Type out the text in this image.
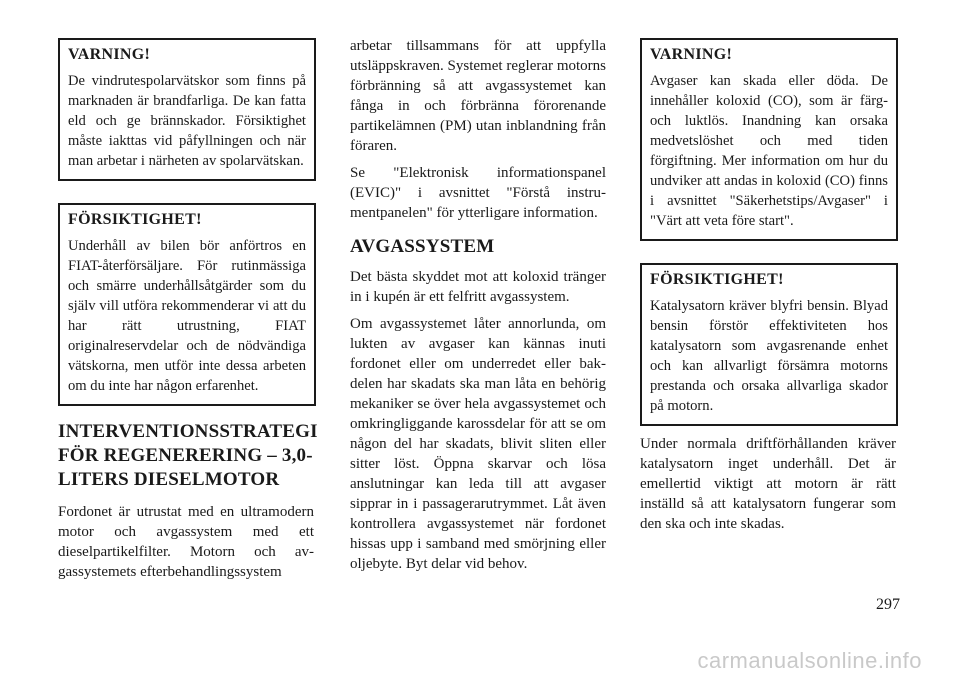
VARNING!

De vindrutespolarvätskor som finns på marknaden är brandfarliga. De kan fatta eld och ge brännskador. Försiktighet måste iakttas vid påfyllningen och när man arbetar i närheten av spolarvätskan.

FÖRSIKTIGHET!

Underhåll av bilen bör anförtros en FIAT-återförsäljare. För rutinmässiga och smärre underhållsåtgärder som du själv vill utföra rekommenderar vi att du har rätt utrustning, FIAT originalreservdelar och de nödvändiga vätskorna, men utför inte dessa arbeten om du inte har någon erfarenhet.

INTERVENTIONSSTRATEGI FÖR REGENERERING – 3,0-LITERS DIESELMOTOR

Fordonet är utrustat med en ultramodern motor och avgassystem med ett dieselpartikelfilter. Motorn och avgassystemets efterbehandlingssystem

arbetar tillsammans för att uppfylla utsläppskraven. Systemet reglerar motorns förbränning så att avgassystemet kan fånga in och förbränna förorenande partikelämnen (PM) utan inblandning från föraren.

Se "Elektronisk informationspanel (EVIC)" i avsnittet "Förstå instrumentpanelen" för ytterligare information.

AVGASSYSTEM

Det bästa skyddet mot att koloxid tränger in i kupén är ett felfritt avgassystem.

Om avgassystemet låter annorlunda, om lukten av avgaser kan kännas inuti fordonet eller om underredet eller bakdelen har skadats ska man låta en behörig mekaniker se över hela avgassystemet och omkringliggande karossdelar för att se om någon del har skadats, blivit sliten eller sitter löst. Öppna skarvar och lösa anslutningar kan leda till att avgaser sipprar in i passagerarutrymmet. Låt även kontrollera avgassystemet när fordonet hissas upp i samband med smörjning eller oljebyte. Byt delar vid behov.

VARNING!

Avgaser kan skada eller döda. De innehåller koloxid (CO), som är färg- och luktlös. Inandning kan orsaka medvetslöshet och med tiden förgiftning. Mer information om hur du undviker att andas in koloxid (CO) finns i avsnittet "Säkerhetstips/Avgaser" i "Värt att veta före start".

FÖRSIKTIGHET!

Katalysatorn kräver blyfri bensin. Blyad bensin förstör effektiviteten hos katalysatorn som avgasrenande enhet och kan allvarligt försämra motorns prestanda och orsaka allvarliga skador på motorn.

Under normala driftförhållanden kräver katalysatorn inget underhåll. Det är emellertid viktigt att motorn är rätt inställd så att katalysatorn fungerar som den ska och inte skadas.

297
carmanualsonline.info
